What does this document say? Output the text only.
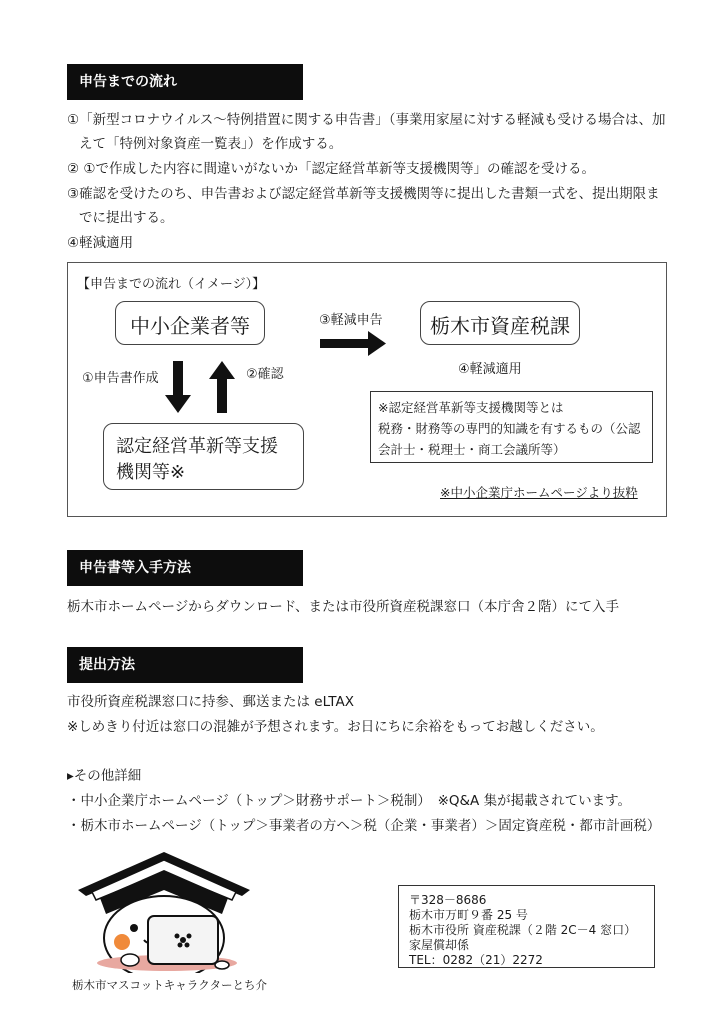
申告までの流れ
①「新型コロナウイルス～特例措置に関する申告書」（事業用家屋に対する軽減も受ける場合は、加
えて「特例対象資産一覧表」）を作成する。
② ①で作成した内容に間違いがないか「認定経営革新等支援機関等」の確認を受ける。
③確認を受けたのち、申告書および認定経営革新等支援機関等に提出した書類一式を、提出期限ま
でに提出する。
④軽減適用
【申告までの流れ（イメージ）】
中小企業者等	③軽減申告	栃木市資産税課
④軽減適用
①申告書作成	②確認
認定経営革新等支援
機関等※
※認定経営革新等支援機関等とは
税務・財務等の専門的知識を有するもの（公認
会計士・税理士・商工会議所等）
※中小企業庁ホームページより抜粋
申告書等入手方法
栃木市ホームページからダウンロード、または市役所資産税課窓口（本庁舎２階）にて入手
提出方法
市役所資産税課窓口に持参、郵送または eLTAX
※しめきり付近は窓口の混雑が予想されます。お日にちに余裕をもってお越しください。
▸その他詳細
・中小企業庁ホームページ（トップ＞財務サポート＞税制）　※Q&A 集が掲載されています。
・栃木市ホームページ（トップ＞事業者の方へ＞税（企業・事業者）＞固定資産税・都市計画税）
栃木市マスコットキャラクターとち介
〒328－8686
栃木市万町９番 25 号
栃木市役所 資産税課（２階 2C－4 窓口）
家屋償却係
TEL：0282（21）2272
